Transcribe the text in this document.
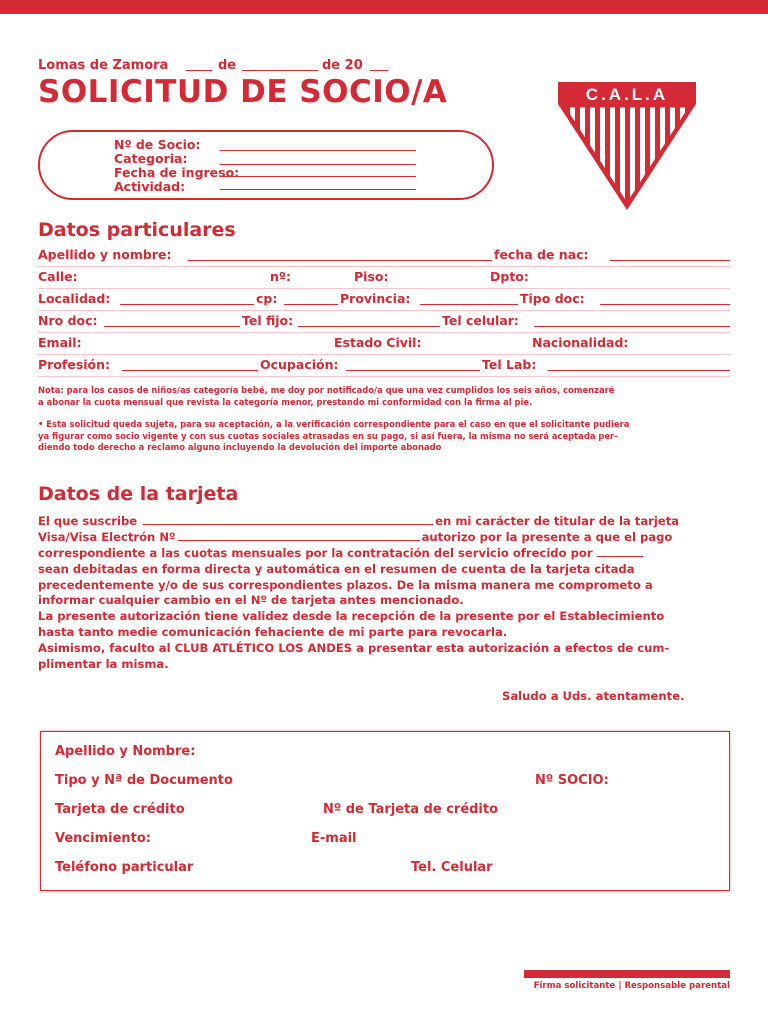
Lomas de Zamora	de	de 20
SOLICITUD DE SOCIO/A	C.A.L.A
Nº de Socio:
Categoria:
Fecha de ingreso:
Actividad:
Datos particulares
Apellido y nombre:	fecha de nac:
Calle:	nº:	Piso:	Dpto:
Localidad:	cp:	Provincia:	Tipo doc:
Nro doc:	Tel fijo:	Tel celular:
Email:	Estado Civil:	Nacionalidad:
Profesión:	Ocupación:	Tel Lab:
Nota: para los casos de niños/as categoría bebé, me doy por notificado/a que una vez cumplidos los seis años, comenzaré
a abonar la cuota mensual que revista la categoría menor, prestando mi conformidad con la firma al pie.
• Esta solicitud queda sujeta, para su aceptación, a la verificación correspondiente para el caso en que el solicitante pudiera
ya figurar como socio vigente y con sus cuotas sociales atrasadas en su pago, si así fuera, la misma no será aceptada per-
diendo todo derecho a reclamo alguno incluyendo la devolución del importe abonado
Datos de la tarjeta
El que suscribe	en mi carácter de titular de la tarjeta
Visa/Visa Electrón Nº	autorizo por la presente a que el pago
correspondiente a las cuotas mensuales por la contratación del servicio ofrecido por
sean debitadas en forma directa y automática en el resumen de cuenta de la tarjeta citada
precedentemente y/o de sus correspondientes plazos. De la misma manera me comprometo a
informar cualquier cambio en el Nº de tarjeta antes mencionado.
La presente autorización tiene validez desde la recepción de la presente por el Establecimiento
hasta tanto medie comunicación fehaciente de mi parte para revocarla.
Asimismo, faculto al CLUB ATLÉTICO LOS ANDES a presentar esta autorización a efectos de cum-
plimentar la misma.
Saludo a Uds. atentamente.
Apellido y Nombre:
Tipo y Nª de Documento	Nº SOCIO:
Tarjeta de crédito	Nº de Tarjeta de crédito
Vencimiento:	E-mail
Teléfono particular	Tel. Celular
Firma solicitante | Responsable parental
